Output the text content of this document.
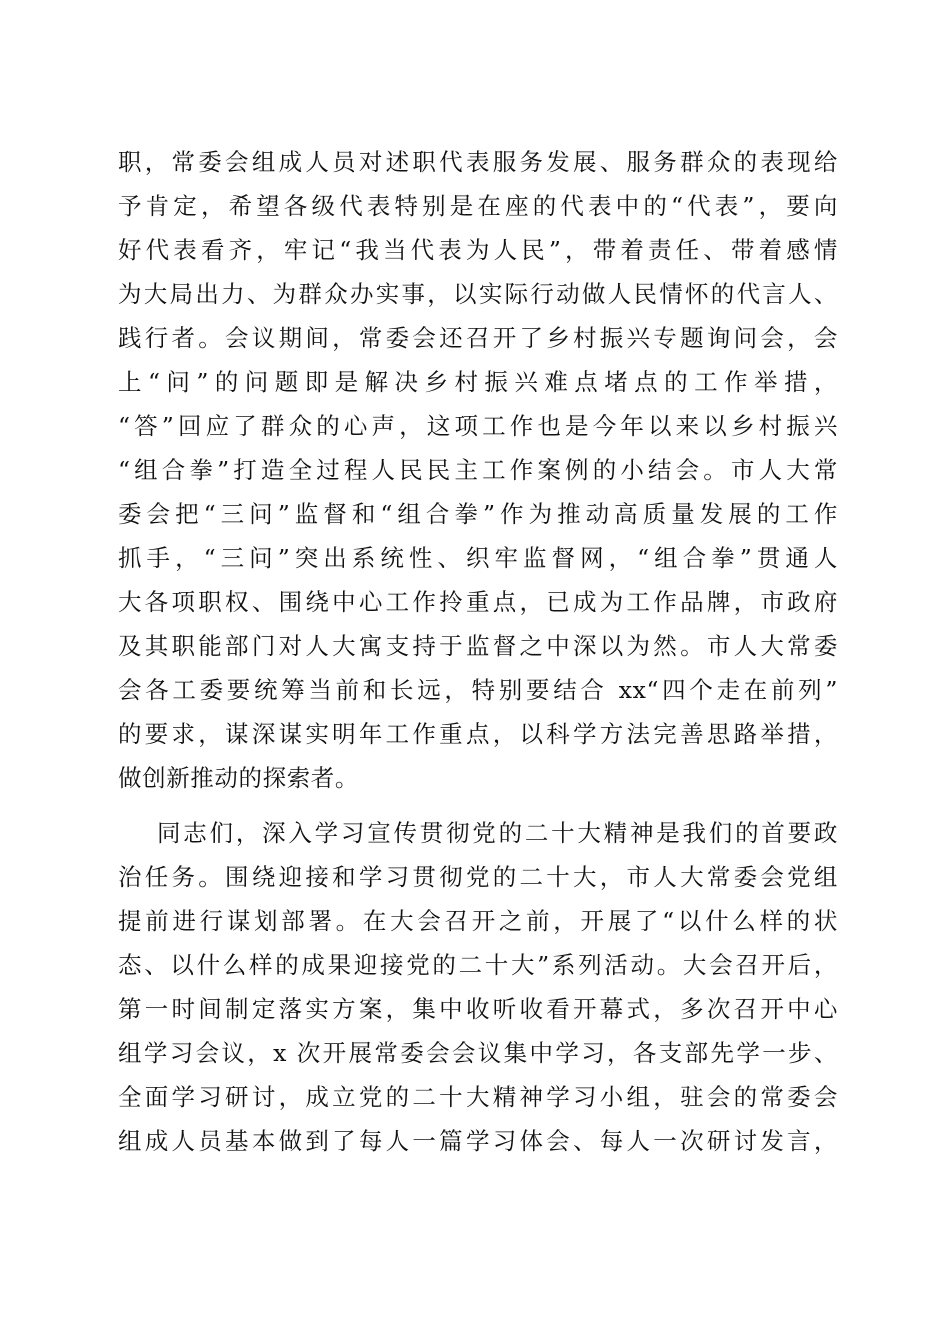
职，常委会组成人员对述职代表服务发展、服务群众的表现给
予肯定，希望各级代表特别是在座的代表中的“代表”，要向
好代表看齐，牢记“我当代表为人民”，带着责任、带着感情
为大局出力、为群众办实事，以实际行动做人民情怀的代言人、
践行者。会议期间，常委会还召开了乡村振兴专题询问会，会
上“问”的问题即是解决乡村振兴难点堵点的工作举措，
“答”回应了群众的心声，这项工作也是今年以来以乡村振兴
“组合拳”打造全过程人民民主工作案例的小结会。市人大常
委会把“三问”监督和“组合拳”作为推动高质量发展的工作
抓手，“三问”突出系统性、织牢监督网，“组合拳”贯通人
大各项职权、围绕中心工作拎重点，已成为工作品牌，市政府
及其职能部门对人大寓支持于监督之中深以为然。市人大常委
会各工委要统筹当前和长远，特别要结合 xx“四个走在前列”
的要求，谋深谋实明年工作重点，以科学方法完善思路举措，
做创新推动的探索者。
同志们，深入学习宣传贯彻党的二十大精神是我们的首要政
治任务。围绕迎接和学习贯彻党的二十大，市人大常委会党组
提前进行谋划部署。在大会召开之前，开展了“以什么样的状
态、以什么样的成果迎接党的二十大”系列活动。大会召开后，
第一时间制定落实方案，集中收听收看开幕式，多次召开中心
组学习会议，x 次开展常委会会议集中学习，各支部先学一步、
全面学习研讨，成立党的二十大精神学习小组，驻会的常委会
组成人员基本做到了每人一篇学习体会、每人一次研讨发言，
